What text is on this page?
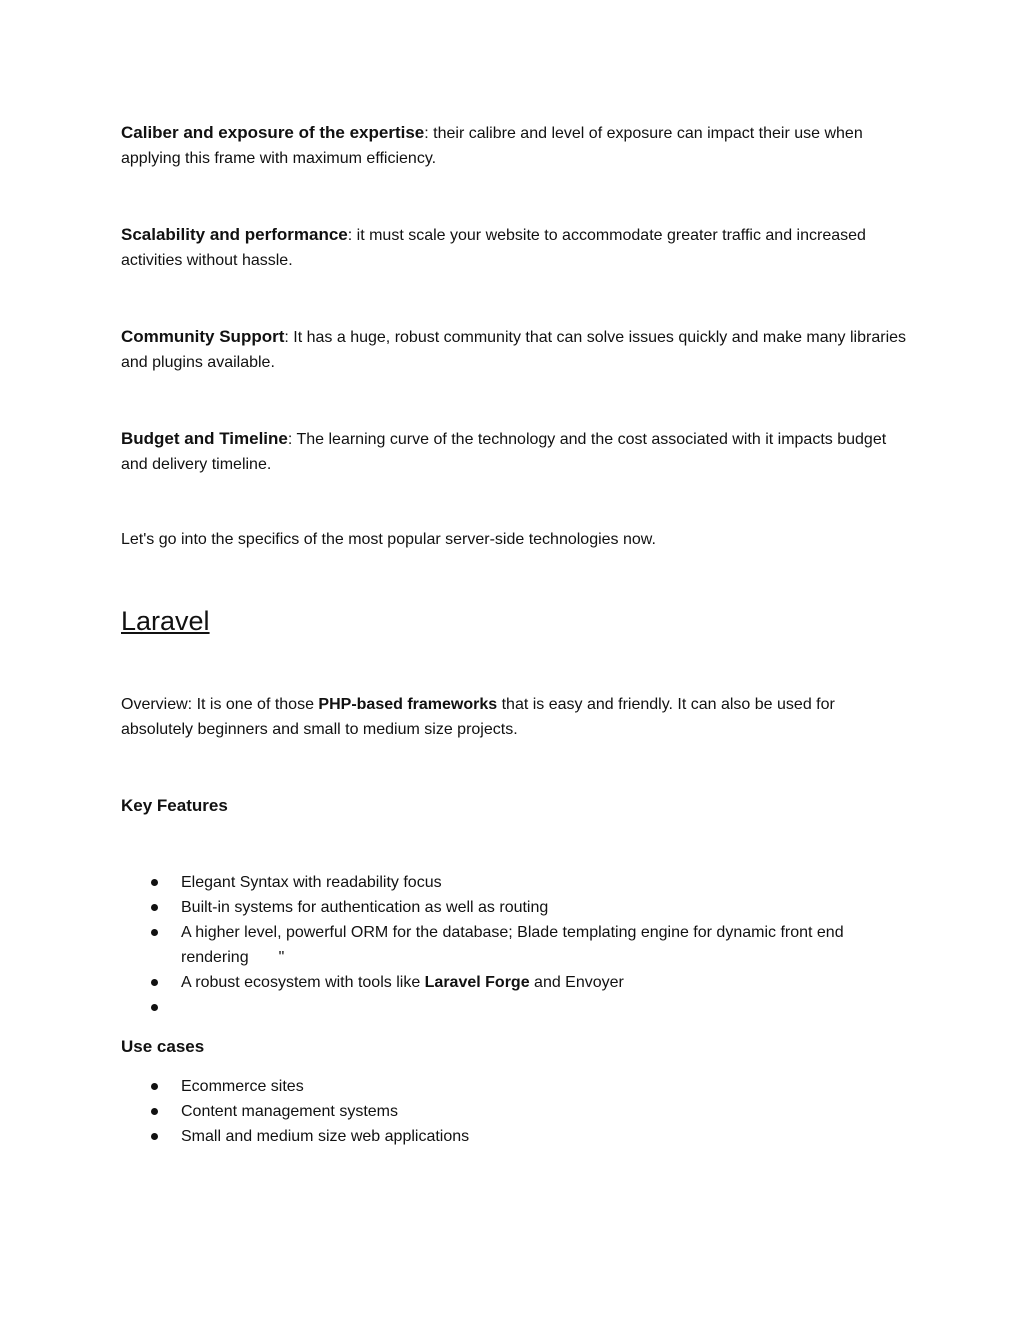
Caliber and exposure of the expertise: their calibre and level of exposure can impact their use when applying this frame with maximum efficiency.

Scalability and performance: it must scale your website to accommodate greater traffic and increased activities without hassle.

Community Support: It has a huge, robust community that can solve issues quickly and make many libraries and plugins available.

Budget and Timeline: The learning curve of the technology and the cost associated with it impacts budget and delivery timeline.

Let's go into the specifics of the most popular server-side technologies now.

Laravel

Overview: It is one of those PHP-based frameworks that is easy and friendly. It can also be used for absolutely beginners and small to medium size projects.

Key Features
Elegant Syntax with readability focus
Built-in systems for authentication as well as routing
A higher level, powerful ORM for the database; Blade templating engine for dynamic front end rendering "
A robust ecosystem with tools like Laravel Forge and Envoyer

Use cases
Ecommerce sites
Content management systems
Small and medium size web applications
